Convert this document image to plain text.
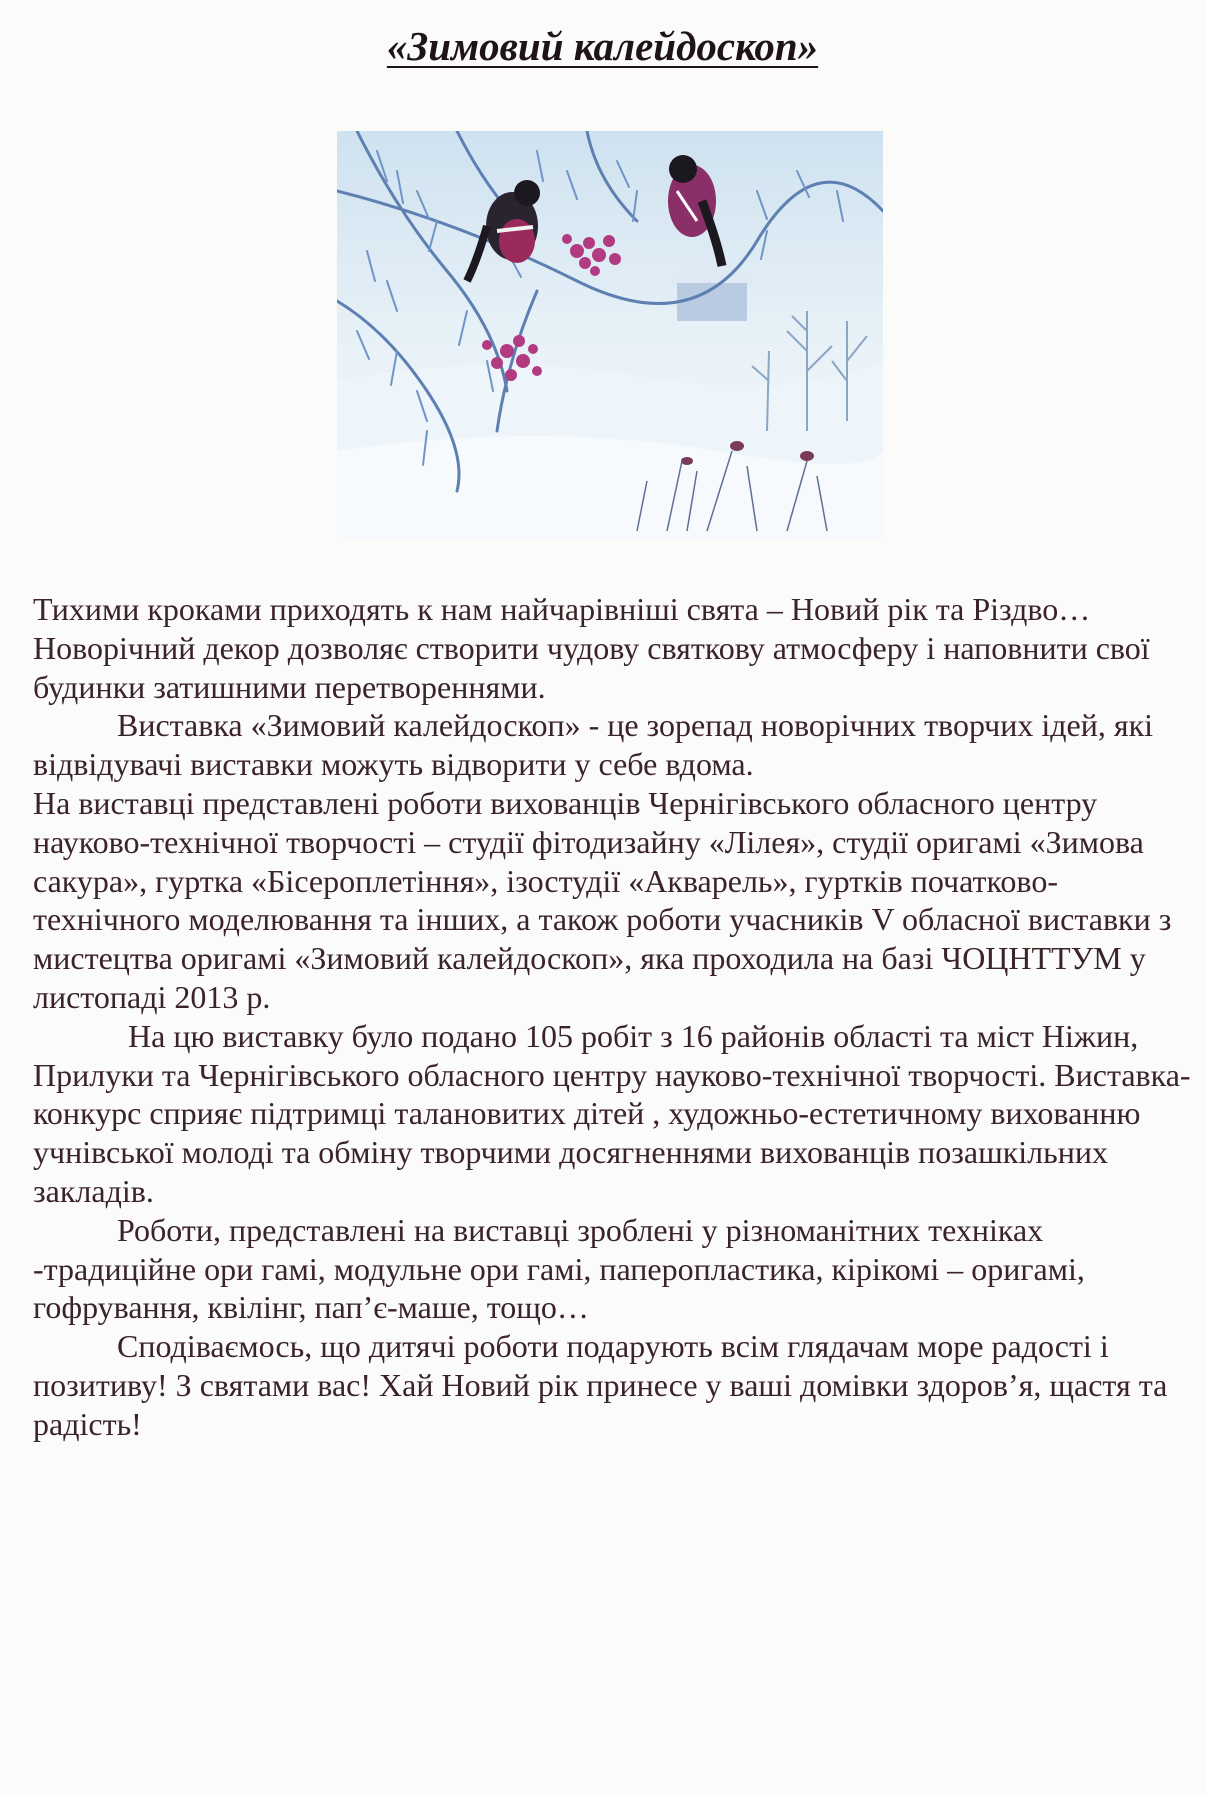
«Зимовий калейдоскоп»

Тихими кроками приходять к нам найчарівніші свята – Новий рік та Різдво…

Новорічний декор дозволяє створити чудову святкову атмосферу і наповнити свої будинки затишними перетвореннями.

Виставка «Зимовий калейдоскоп» - це зорепад новорічних творчих ідей, які відвідувачі виставки можуть відворити у себе вдома.

На виставці представлені роботи вихованців Чернігівського обласного центру науково-технічної творчості – студії фітодизайну «Лілея», студії оригамі «Зимова сакура», гуртка «Бісероплетіння», ізостудії «Акварель», гуртків початково-технічного моделювання та інших, а також роботи учасників V обласної виставки з мистецтва оригамі «Зимовий калейдоскоп», яка проходила на базі ЧОЦНТТУМ у листопаді 2013 р.

На цю виставку було подано 105 робіт з 16 районів області та міст Ніжин, Прилуки та Чернігівського обласного центру науково-технічної творчості. Виставка-конкурс сприяє підтримці талановитих дітей , художньо-естетичному вихованню учнівської молоді та обміну творчими досягненнями вихованців позашкільних закладів.

Роботи, представлені на виставці зроблені у різноманітних техніках -традиційне ори гамі, модульне ори гамі, паперопластика, кірікомі – оригамі, гофрування, квілінг, пап’є-маше, тощо…

Сподіваємось, що дитячі роботи подарують всім глядачам море радості і позитиву! З святами вас! Хай Новий рік принесе у ваші домівки здоров’я, щастя та радість!
